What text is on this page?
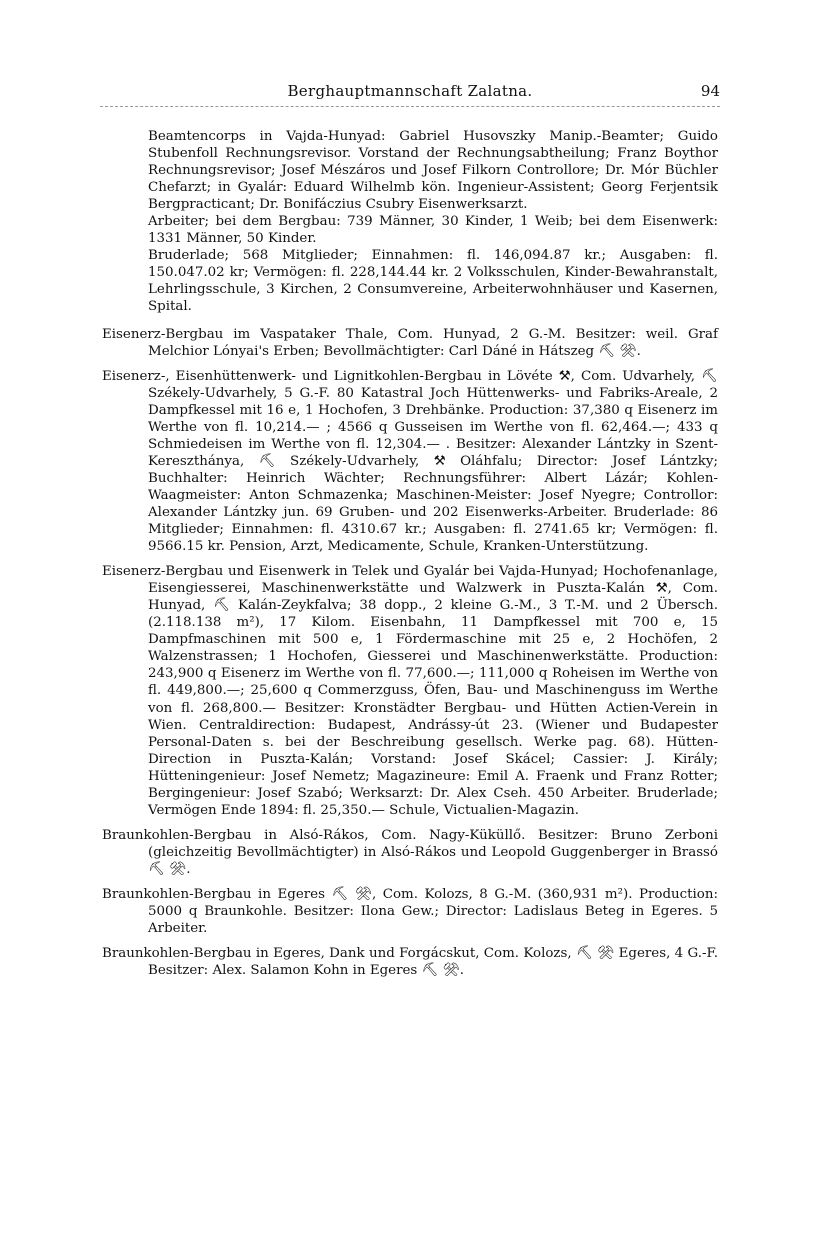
Berghauptmannschaft Zalatna.	94

Beamtencorps in Vajda-Hunyad: Gabriel Husovszky Manip.-Beamter; Guido Stubenfoll Rechnungsrevisor. Vorstand der Rechnungsabtheilung; Franz Boythor Rechnungsrevisor; Josef Mészáros und Josef Filkorn Controllore; Dr. Mór Büchler Chefarzt; in Gyalár: Eduard Wilhelmb kön. Ingenieur-Assistent; Georg Ferjentsik Bergpracticant; Dr. Bonifáczius Csubry Eisenwerksarzt.

Arbeiter; bei dem Bergbau: 739 Männer, 30 Kinder, 1 Weib; bei dem Eisenwerk: 1331 Männer, 50 Kinder.

Bruderlade; 568 Mitglieder; Einnahmen: fl. 146,094.87 kr.; Ausgaben: fl. 150.047.02 kr; Vermögen: fl. 228,144.44 kr. 2 Volksschulen, Kinder-Bewahranstalt, Lehrlingsschule, 3 Kirchen, 2 Consumvereine, Arbeiterwohnhäuser und Kasernen, Spital.

Eisenerz-Bergbau im Vaspataker Thale, Com. Hunyad, 2 G.-M. Besitzer: weil. Graf Melchior Lónyai's Erben; Bevollmächtigter: Carl Dáné in Hátszeg ⛏ ⚒.

Eisenerz-, Eisenhüttenwerk- und Lignitkohlen-Bergbau in Lövéte ⚒, Com. Udvarhely, ⛏ Székely-Udvarhely, 5 G.-F. 80 Katastral Joch Hüttenwerks- und Fabriks-Areale, 2 Dampfkessel mit 16 e, 1 Hochofen, 3 Drehbänke. Production: 37,380 q Eisenerz im Werthe von fl. 10,214.— ; 4566 q Gusseisen im Werthe von fl. 62,464.—; 433 q Schmiedeisen im Werthe von fl. 12,304.— . Besitzer: Alexander Lántzky in Szent-Kereszthánya, ⛏ Székely-Udvarhely, ⚒ Oláhfalu; Director: Josef Lántzky; Buchhalter: Heinrich Wächter; Rechnungsführer: Albert Lázár; Kohlen-Waagmeister: Anton Schmazenka; Maschinen-Meister: Josef Nyegre; Controllor: Alexander Lántzky jun. 69 Gruben- und 202 Eisenwerks-Arbeiter. Bruderlade: 86 Mitglieder; Einnahmen: fl. 4310.67 kr.; Ausgaben: fl. 2741.65 kr; Vermögen: fl. 9566.15 kr. Pension, Arzt, Medicamente, Schule, Kranken-Unterstützung.

Eisenerz-Bergbau und Eisenwerk in Telek und Gyalár bei Vajda-Hunyad; Hochofenanlage, Eisengiesserei, Maschinenwerkstätte und Walzwerk in Puszta-Kalán ⚒, Com. Hunyad, ⛏ Kalán-Zeykfalva; 38 dopp., 2 kleine G.-M., 3 T.-M. und 2 Übersch. (2.118.138 m²), 17 Kilom. Eisenbahn, 11 Dampfkessel mit 700 e, 15 Dampfmaschinen mit 500 e, 1 Fördermaschine mit 25 e, 2 Hochöfen, 2 Walzenstrassen; 1 Hochofen, Giesserei und Maschinenwerkstätte. Production: 243,900 q Eisenerz im Werthe von fl. 77,600.—; 111,000 q Roheisen im Werthe von fl. 449,800.—; 25,600 q Commerzguss, Öfen, Bau- und Maschinenguss im Werthe von fl. 268,800.— Besitzer: Kronstädter Bergbau- und Hütten Actien-Verein in Wien. Centraldirection: Budapest, Andrássy-út 23. (Wiener und Budapester Personal-Daten s. bei der Beschreibung gesellsch. Werke pag. 68). Hütten-Direction in Puszta-Kalán; Vorstand: Josef Skácel; Cassier: J. Király; Hütteningenieur: Josef Nemetz; Magazineure: Emil A. Fraenk und Franz Rotter; Bergingenieur: Josef Szabó; Werksarzt: Dr. Alex Cseh. 450 Arbeiter. Bruderlade; Vermögen Ende 1894: fl. 25,350.— Schule, Victualien-Magazin.

Braunkohlen-Bergbau in Alsó-Rákos, Com. Nagy-Küküllő. Besitzer: Bruno Zerboni (gleichzeitig Bevollmächtigter) in Alsó-Rákos und Leopold Guggenberger in Brassó ⛏ ⚒.

Braunkohlen-Bergbau in Egeres ⛏ ⚒, Com. Kolozs, 8 G.-M. (360,931 m²). Production: 5000 q Braunkohle. Besitzer: Ilona Gew.; Director: Ladislaus Beteg in Egeres. 5 Arbeiter.

Braunkohlen-Bergbau in Egeres, Dank und Forgácskut, Com. Kolozs, ⛏ ⚒ Egeres, 4 G.-F. Besitzer: Alex. Salamon Kohn in Egeres ⛏ ⚒.
